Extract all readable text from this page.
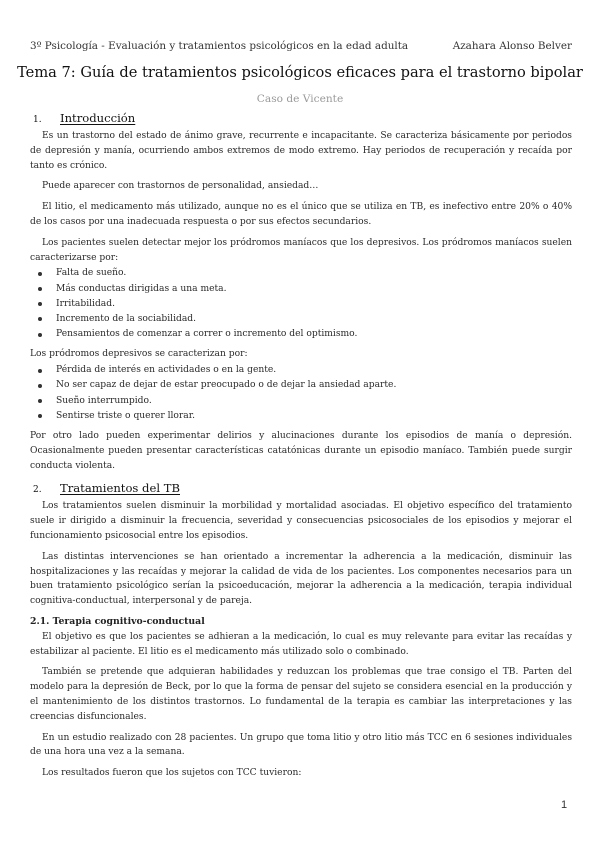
3º Psicología - Evaluación y tratamientos psicológicos en la edad adulta	Azahara Alonso Belver
Tema 7: Guía de tratamientos psicológicos eficaces para el trastorno bipolar
Caso de Vicente
1.	Introducción

Es un trastorno del estado de ánimo grave, recurrente e incapacitante. Se caracteriza básicamente por periodos de depresión y manía, ocurriendo ambos extremos de modo extremo. Hay periodos de recuperación y recaída por tanto es crónico.

Puede aparecer con trastornos de personalidad, ansiedad…

El litio, el medicamento más utilizado, aunque no es el único que se utiliza en TB, es inefectivo entre 20% o 40% de los casos por una inadecuada respuesta o por sus efectos secundarios.

Los pacientes suelen detectar mejor los pródromos maníacos que los depresivos. Los pródromos maníacos suelen caracterizarse por:

Falta de sueño.
Más conductas dirigidas a una meta.
Irritabilidad.
Incremento de la sociabilidad.
Pensamientos de comenzar a correr o incremento del optimismo.

Los pródromos depresivos se caracterizan por:

Pérdida de interés en actividades o en la gente.
No ser capaz de dejar de estar preocupado o de dejar la ansiedad aparte.
Sueño interrumpido.
Sentirse triste o querer llorar.

Por otro lado pueden experimentar delirios y alucinaciones durante los episodios de manía o depresión. Ocasionalmente pueden presentar características catatónicas durante un episodio maníaco. También puede surgir conducta violenta.

2.	Tratamientos del TB

Los tratamientos suelen disminuir la morbilidad y mortalidad asociadas. El objetivo específico del tratamiento suele ir dirigido a disminuir la frecuencia, severidad y consecuencias psicosociales de los episodios y mejorar el funcionamiento psicosocial entre los episodios.

Las distintas intervenciones se han orientado a incrementar la adherencia a la medicación, disminuir las hospitalizaciones y las recaídas y mejorar la calidad de vida de los pacientes. Los componentes necesarios para un buen tratamiento psicológico serían la psicoeducación, mejorar la adherencia a la medicación, terapia individual cognitiva-conductual, interpersonal y de pareja.

2.1. Terapia cognitivo-conductual

El objetivo es que los pacientes se adhieran a la medicación, lo cual es muy relevante para evitar las recaídas y estabilizar al paciente. El litio es el medicamento más utilizado solo o combinado.

También se pretende que adquieran habilidades y reduzcan los problemas que trae consigo el TB. Parten del modelo para la depresión de Beck, por lo que la forma de pensar del sujeto se considera esencial en la producción y el mantenimiento de los distintos trastornos. Lo fundamental de la terapia es cambiar las interpretaciones y las creencias disfuncionales.

En un estudio realizado con 28 pacientes. Un grupo que toma litio y otro litio más TCC en 6 sesiones individuales de una hora una vez a la semana.

Los resultados fueron que los sujetos con TCC tuvieron:

1
